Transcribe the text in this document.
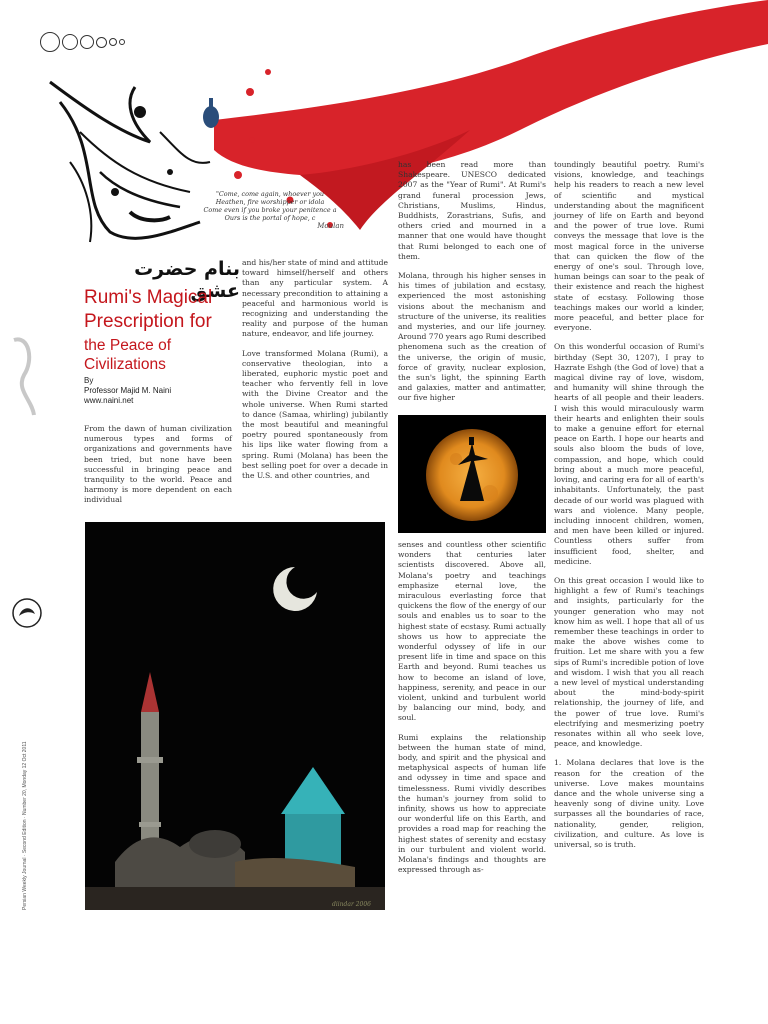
"Come, come again, whoever you
Heathen, fire worshipper or idola
Come even if you broke your penitence a
Ours is the portal of hope, c
Moulan
Persian Weekly Journal · Second Edition · Number 20, Monday 12 Oct 2011
بنام حضرت عشق
Rumi's Magical
Prescription for
the Peace of
Civilizations
By
Professor Majid M. Naini
www.naini.net

From the dawn of human civilization numerous types and forms of organizations and governments have been tried, but none have been successful in bringing peace and tranquility to the world. Peace and harmony is more dependent on each individual

and his/her state of mind and attitude toward himself/herself and others than any particular system. A necessary precondition to attaining a peaceful and harmonious world is recognizing and understanding the reality and purpose of the human nature, endeavor, and life journey.

Love transformed Molana (Rumi), a conservative theologian, into a liberated, euphoric mystic poet and teacher who fervently fell in love with the Divine Creator and the whole universe. When Rumi started to dance (Samaa, whirling) jubilantly the most beautiful and meaningful poetry poured spontaneously from his lips like water flowing from a spring. Rumi (Molana) has been the best selling poet for over a decade in the U.S. and other countries, and

has been read more than Shakespeare. UNESCO dedicated 2007 as the "Year of Rumi". At Rumi's grand funeral procession Jews, Christians, Muslims, Hindus, Buddhists, Zorastrians, Sufis, and others cried and mourned in a manner that one would have thought that Rumi belonged to each one of them.

Molana, through his higher senses in his times of jubilation and ecstasy, experienced the most astonishing visions about the mechanism and structure of the universe, its realities and mysteries, and our life journey. Around 770 years ago Rumi described phenomena such as the creation of the universe, the origin of music, force of gravity, nuclear explosion, the sun's light, the spinning Earth and galaxies, matter and antimatter, our five higher

senses and countless other scientific wonders that centuries later scientists discovered. Above all, Molana's poetry and teachings emphasize eternal love, the miraculous everlasting force that quickens the flow of the energy of our souls and enables us to soar to the highest state of ecstasy. Rumi actually shows us how to appreciate the wonderful odyssey of life in our present life in time and space on this Earth and beyond. Rumi teaches us how to become an island of love, happiness, serenity, and peace in our violent, unkind and turbulent world by balancing our mind, body, and soul.

Rumi explains the relationship between the human state of mind, body, and spirit and the physical and metaphysical aspects of human life and odyssey in time and space and timelessness. Rumi vividly describes the human's journey from solid to infinity, shows us how to appreciate our wonderful life on this Earth, and provides a road map for reaching the highest states of serenity and ecstasy in our turbulent and violent world. Molana's findings and thoughts are expressed through as-

toundingly beautiful poetry. Rumi's visions, knowledge, and teachings help his readers to reach a new level of scientific and mystical understanding about the magnificent journey of life on Earth and beyond and the power of true love. Rumi conveys the message that love is the most magical force in the universe that can quicken the flow of the energy of one's soul. Through love, human beings can soar to the peak of their existence and reach the highest state of ecstasy. Following those teachings makes our world a kinder, more peaceful, and better place for everyone.

On this wonderful occasion of Rumi's birthday (Sept 30, 1207), I pray to Hazrate Eshgh (the God of love) that a magical divine ray of love, wisdom, and humanity will shine through the hearts of all people and their leaders. I wish this would miraculously warm their hearts and enlighten their souls to make a genuine effort for eternal peace on Earth. I hope our hearts and souls also bloom the buds of love, compassion, and hope, which could bring about a much more peaceful, loving, and caring era for all of earth's inhabitants. Unfortunately, the past decade of our world was plagued with wars and violence. Many people, including innocent children, women, and men have been killed or injured. Countless others suffer from insufficient food, shelter, and medicine.

On this great occasion I would like to highlight a few of Rumi's teachings and insights, particularly for the younger generation who may not know him as well. I hope that all of us remember these teachings in order to make the above wishes come to fruition. Let me share with you a few sips of Rumi's incredible potion of love and wisdom. I wish that you all reach a new level of mystical understanding about the mind-body-spirit relationship, the journey of life, and the power of true love. Rumi's electrifying and mesmerizing poetry resonates within all who seek love, peace, and knowledge.

1. Molana declares that love is the reason for the creation of the universe. Love makes mountains dance and the whole universe sing a heavenly song of divine unity. Love surpasses all the boundaries of race, nationality, gender, religion, civilization, and culture. As love is universal, so is truth.

diindar 2006
